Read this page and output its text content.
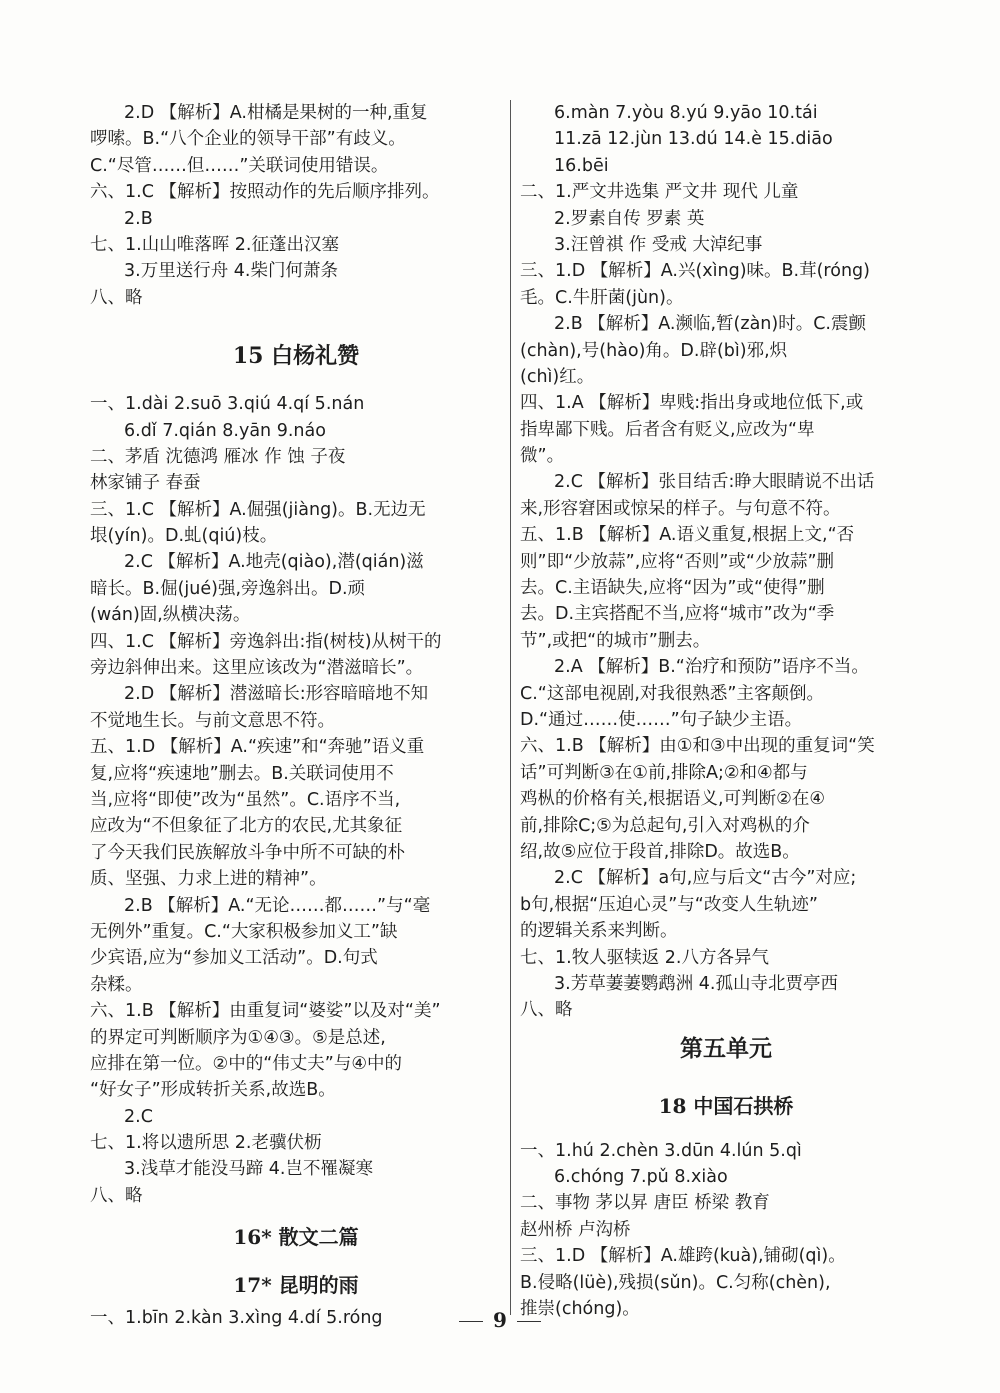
2.D 【解析】A.柑橘是果树的一种,重复
啰嗦。B.“八个企业的领导干部”有歧义。
C.“尽管……但……”关联词使用错误。
六、1.C 【解析】按照动作的先后顺序排列。
2.B
七、1.山山唯落晖 2.征蓬出汉塞
3.万里送行舟 4.柴门何萧条
八、略
15 白杨礼赞
一、1.dài 2.suō 3.qiú 4.qí 5.nán
6.dǐ 7.qián 8.yān 9.náo
二、茅盾 沈德鸿 雁冰 作 蚀 子夜
林家铺子 春蚕
三、1.C 【解析】A.倔强(jiàng)。B.无边无
垠(yín)。D.虬(qiú)枝。
2.C 【解析】A.地壳(qiào),潜(qián)滋
暗长。B.倔(jué)强,旁逸斜出。D.顽
(wán)固,纵横决荡。
四、1.C 【解析】旁逸斜出:指(树枝)从树干的
旁边斜伸出来。这里应该改为“潜滋暗长”。
2.D 【解析】潜滋暗长:形容暗暗地不知
不觉地生长。与前文意思不符。
五、1.D 【解析】A.“疾速”和“奔驰”语义重
复,应将“疾速地”删去。B.关联词使用不
当,应将“即使”改为“虽然”。C.语序不当,
应改为“不但象征了北方的农民,尤其象征
了今天我们民族解放斗争中所不可缺的朴
质、坚强、力求上进的精神”。
2.B 【解析】A.“无论……都……”与“毫
无例外”重复。C.“大家积极参加义工”缺
少宾语,应为“参加义工活动”。D.句式
杂糅。
六、1.B 【解析】由重复词“婆娑”以及对“美”
的界定可判断顺序为①④③。⑤是总述,
应排在第一位。②中的“伟丈夫”与④中的
“好女子”形成转折关系,故选B。
2.C
七、1.将以遗所思 2.老骥伏枥
3.浅草才能没马蹄 4.岂不罹凝寒
八、略
16* 散文二篇
17* 昆明的雨
一、1.bīn 2.kàn 3.xìng 4.dí 5.róng
6.màn 7.yòu 8.yú 9.yāo 10.tái
11.zā 12.jùn 13.dú 14.è 15.diāo
16.bēi
二、1.严文井选集 严文井 现代 儿童
2.罗素自传 罗素 英
3.汪曾祺 作 受戒 大淖纪事
三、1.D 【解析】A.兴(xìng)味。B.茸(róng)
毛。C.牛肝菌(jùn)。
2.B 【解析】A.濒临,暂(zàn)时。C.震颤
(chàn),号(hào)角。D.辟(bì)邪,炽
(chì)红。
四、1.A 【解析】卑贱:指出身或地位低下,或
指卑鄙下贱。后者含有贬义,应改为“卑
微”。
2.C 【解析】张目结舌:睁大眼睛说不出话
来,形容窘困或惊呆的样子。与句意不符。
五、1.B 【解析】A.语义重复,根据上文,“否
则”即“少放蒜”,应将“否则”或“少放蒜”删
去。C.主语缺失,应将“因为”或“使得”删
去。D.主宾搭配不当,应将“城市”改为“季
节”,或把“的城市”删去。
2.A 【解析】B.“治疗和预防”语序不当。
C.“这部电视剧,对我很熟悉”主客颠倒。
D.“通过……使……”句子缺少主语。
六、1.B 【解析】由①和③中出现的重复词“笑
话”可判断③在①前,排除A;②和④都与
鸡枞的价格有关,根据语义,可判断②在④
前,排除C;⑤为总起句,引入对鸡枞的介
绍,故⑤应位于段首,排除D。故选B。
2.C 【解析】a句,应与后文“古今”对应;
b句,根据“压迫心灵”与“改变人生轨迹”
的逻辑关系来判断。
七、1.牧人驱犊返 2.八方各异气
3.芳草萋萋鹦鹉洲 4.孤山寺北贾亭西
八、略
第五单元
18 中国石拱桥
一、1.hú 2.chèn 3.dūn 4.lún 5.qì
6.chóng 7.pǔ 8.xiào
二、事物 茅以昇 唐臣 桥梁 教育
赵州桥 卢沟桥
三、1.D 【解析】A.雄跨(kuà),铺砌(qì)。
B.侵略(lüè),残损(sǔn)。C.匀称(chèn),
推崇(chóng)。
9
